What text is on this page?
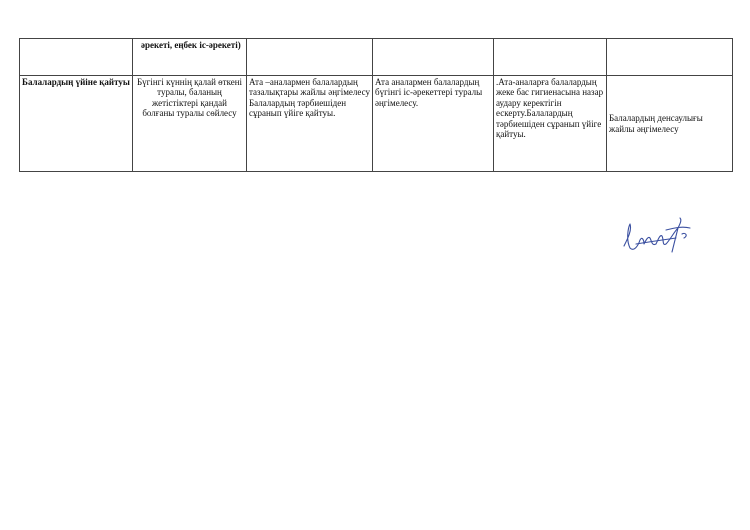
	әрекеті, еңбек іс-әрекеті)				
Балалардың үйіне қайтуы	Бүгінгі күннің қалай өткені туралы, баланың жетістіктері қандай болғаны туралы сөйлесу	Ата –аналармен балалардың тазалықтары жайлы әңгімелесу Балалардың тәрбиешіден сұранып үйіге қайтуы.	Ата аналармен балалардың бүгінгі іс-әрекеттері туралы әңгімелесу.	.Ата-аналарға балалардың жеке бас гигиенасына назар аудару керектігін ескерту.Балалардың тәрбиешіден сұранып үйіге қайтуы.	Балалардың денсаулығы жайлы әңгімелесу
